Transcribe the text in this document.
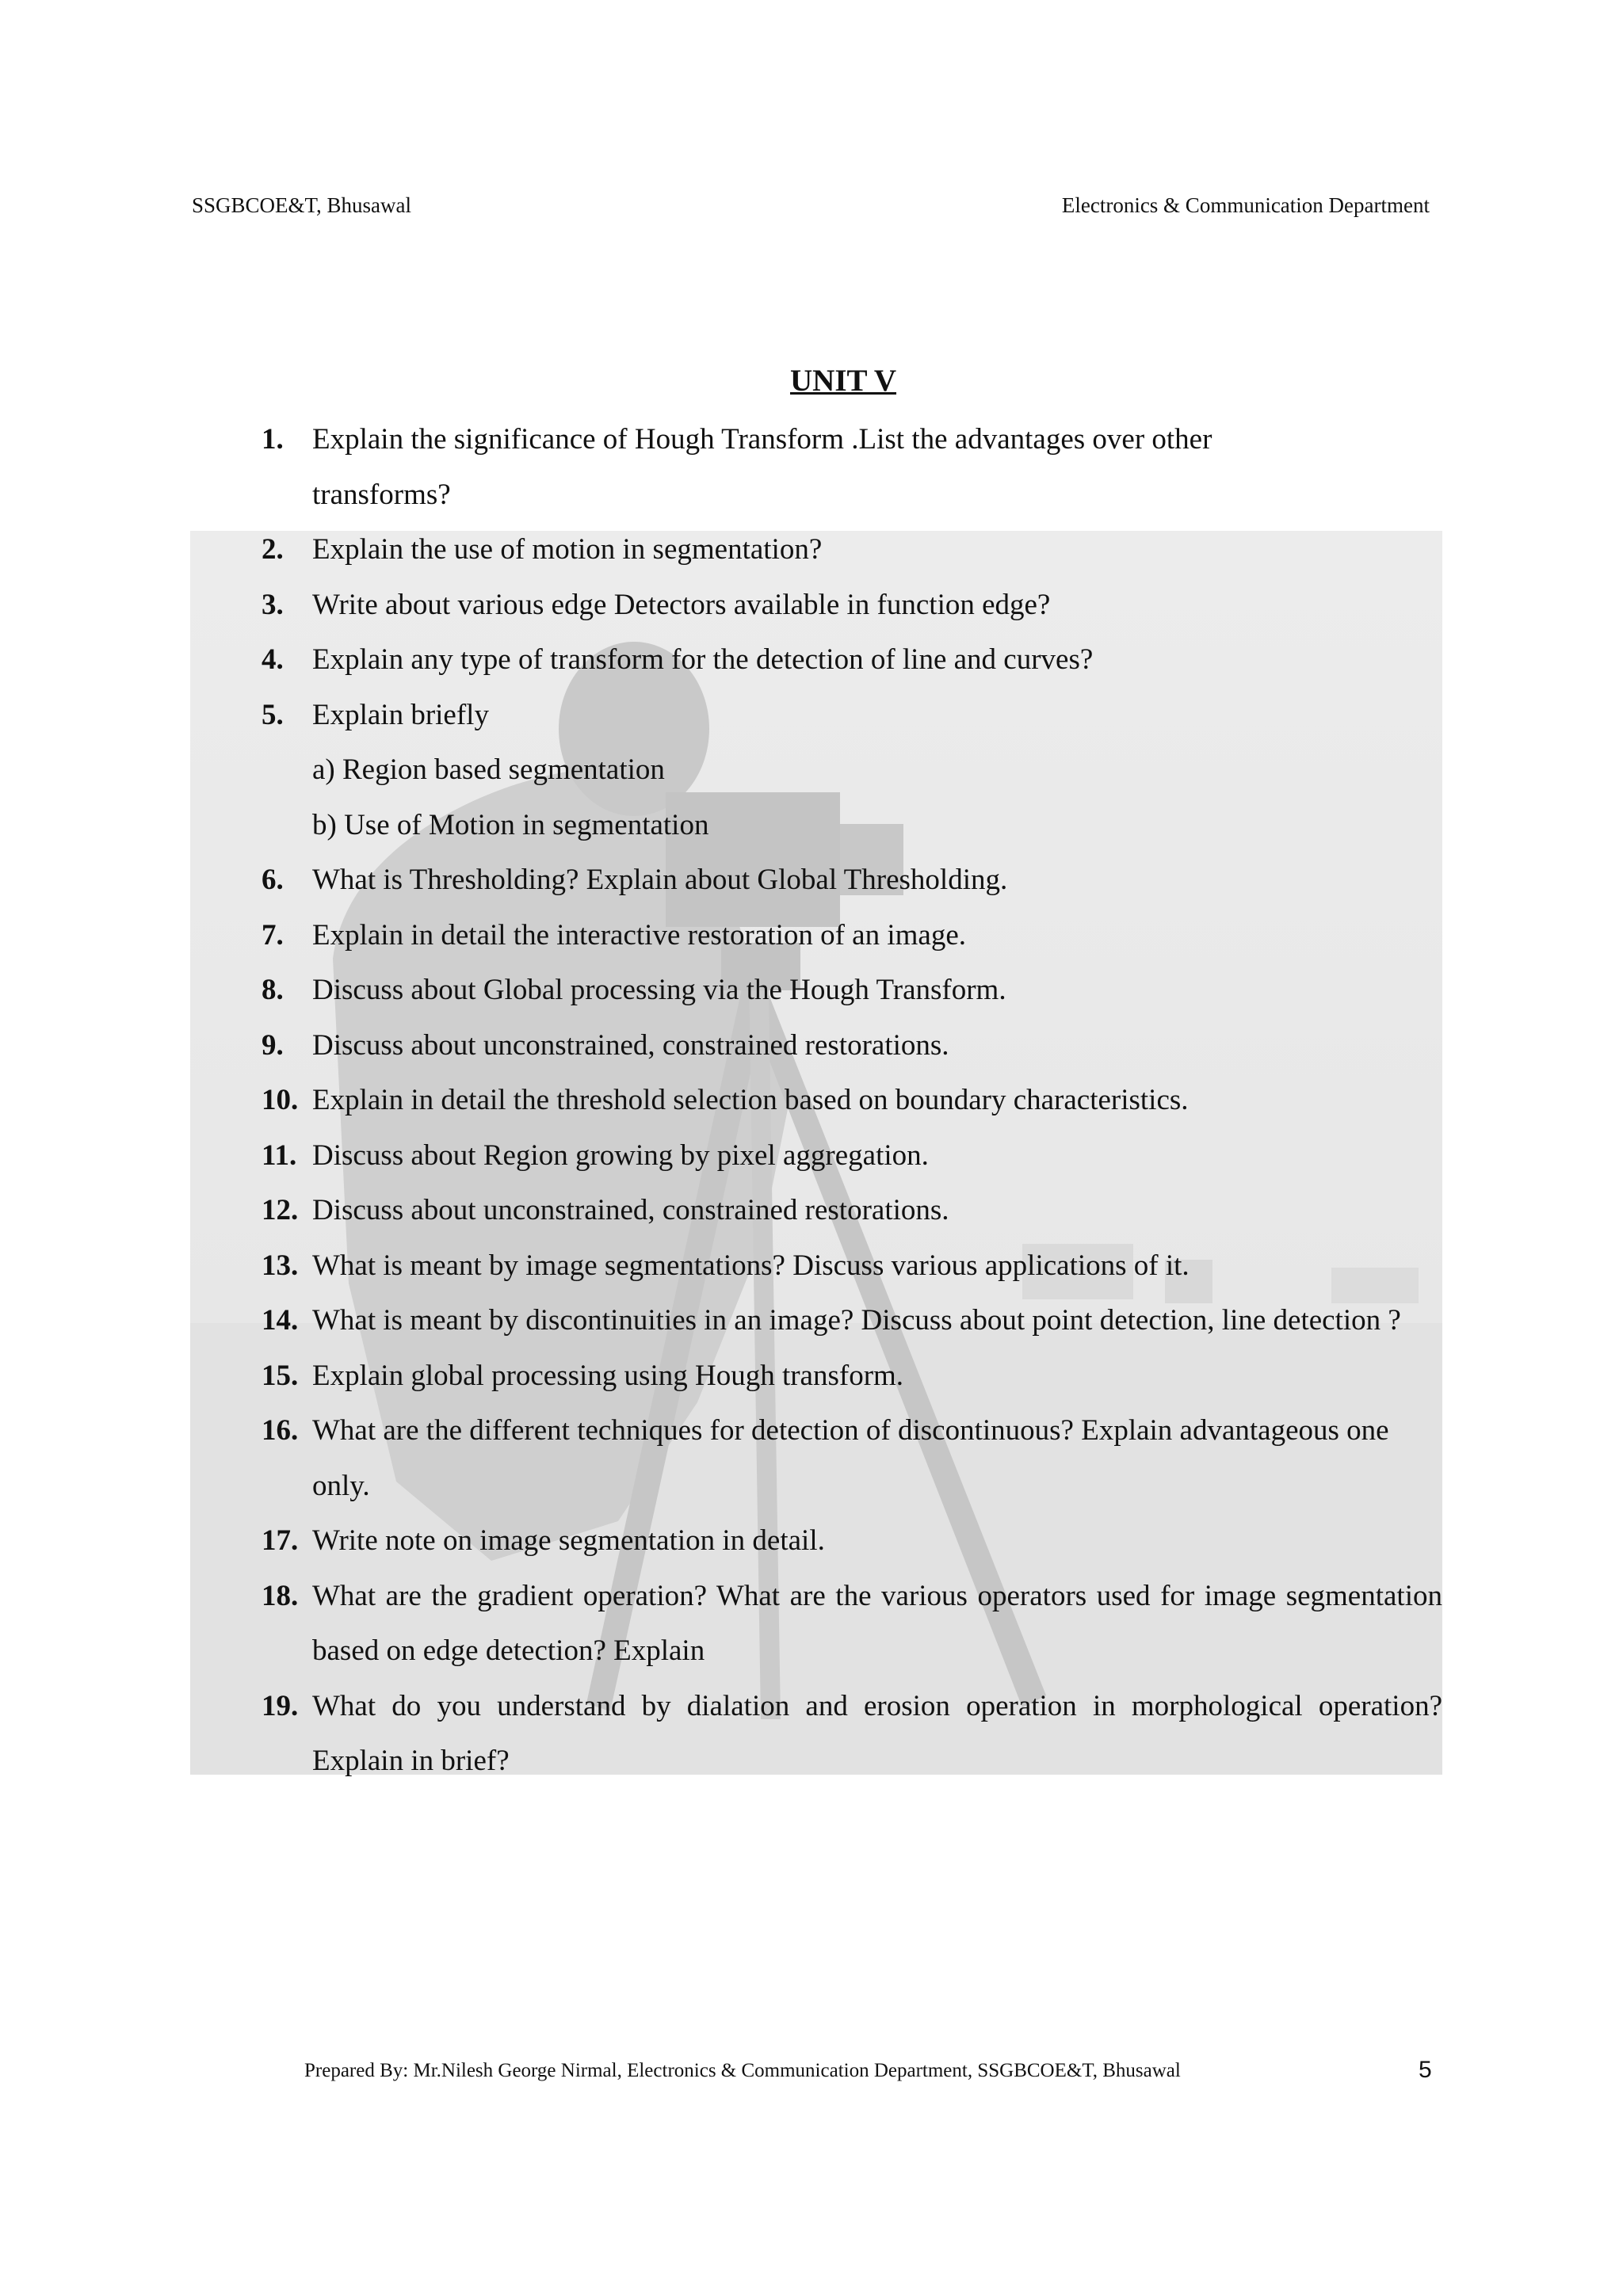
SSGBCOE&T, Bhusawal	Electronics & Communication Department
UNIT V
1. Explain the significance of Hough Transform .List the advantages over other transforms?
2. Explain the use of motion in segmentation?
3. Write about various edge Detectors available in function edge?
4. Explain any type of transform for the detection of line and curves?
5. Explain briefly
a) Region based segmentation
b) Use of Motion in segmentation
6. What is Thresholding? Explain about Global Thresholding.
7. Explain in detail the interactive restoration of an image.
8. Discuss about Global processing via the Hough Transform.
9. Discuss about unconstrained, constrained restorations.
10. Explain in detail the threshold selection based on boundary characteristics.
11. Discuss about Region growing by pixel aggregation.
12. Discuss about unconstrained, constrained restorations.
13. What is meant by image segmentations? Discuss various applications of it.
14. What is meant by discontinuities in an image? Discuss about point detection, line detection ?
15. Explain global processing using Hough transform.
16. What are the different techniques for detection of discontinuous? Explain advantageous one only.
17. Write note on image segmentation in detail.
18. What are the gradient operation? What are the various operators used for image segmentation based on edge detection? Explain
19. What do you understand by dialation and erosion operation in morphological operation? Explain in brief?
Prepared By: Mr.Nilesh George Nirmal, Electronics & Communication Department, SSGBCOE&T, Bhusawal	5
